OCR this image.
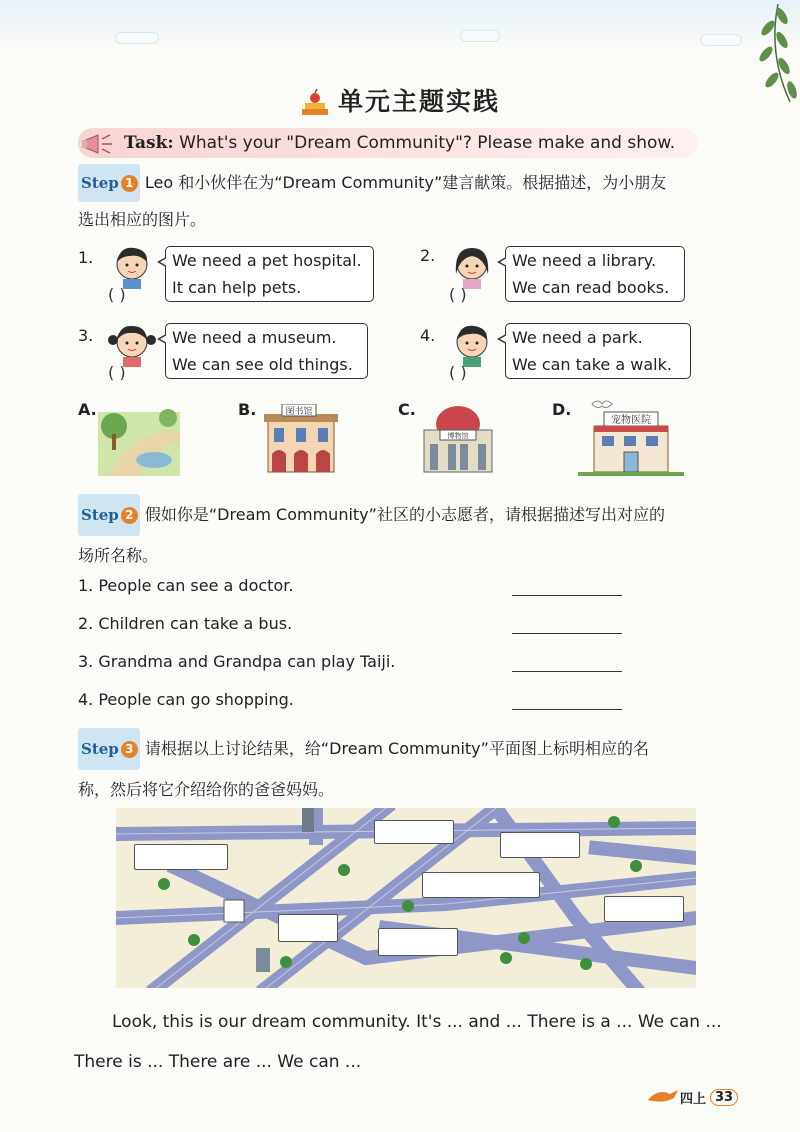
单元主题实践
Task: What's your "Dream Community"? Please make and show.
Step 1 Leo 和小伙伴在为“Dream Community”建言献策。根据描述，为小朋友
选出相应的图片。
1.
( )
We need a pet hospital.
It can help pets.
2.
( )
We need a library.
We can read books.
3.
( )
We need a museum.
We can see old things.
4.
( )
We need a park.
We can take a walk.
A.	B.	图书馆	C.
博物馆
D.
宠物医院
Step 2 假如你是“Dream Community”社区的小志愿者，请根据描述写出对应的
场所名称。
1. People can see a doctor.
2. Children can take a bus.
3. Grandma and Grandpa can play Taiji.
4. People can go shopping.
Step 3 请根据以上讨论结果，给“Dream Community”平面图上标明相应的名
称，然后将它介绍给你的爸爸妈妈。
Look, this is our dream community. It's ... and ... There is a ... We can ...
There is ... There are ... We can ...
四上 33
